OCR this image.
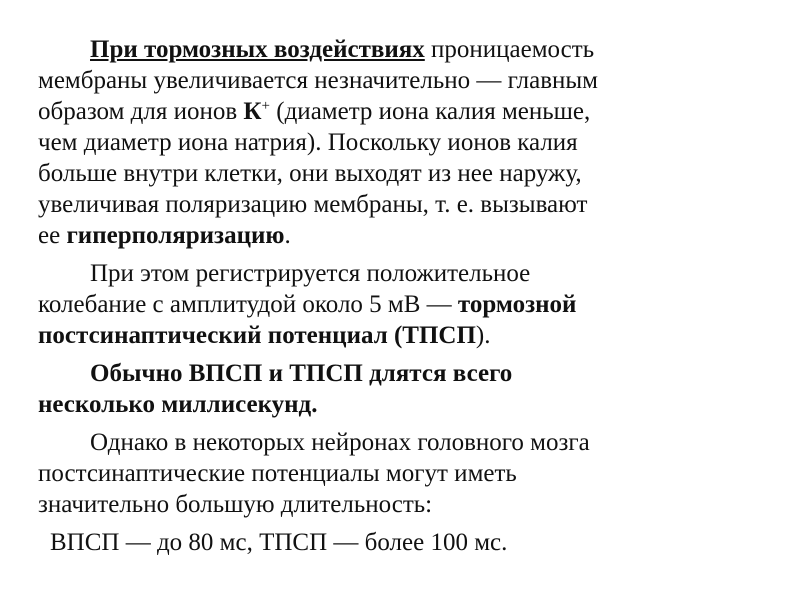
При тормозных воздействиях проницаемость
мембраны увеличивается незначительно — главным
образом для ионов К+ (диаметр иона калия меньше,
чем диаметр иона натрия). Поскольку ионов калия
больше внутри клетки, они выходят из нее наружу,
увеличивая поляризацию мембраны, т. е. вызывают
ее гиперполяризацию.
При этом регистрируется положительное
колебание с амплитудой около 5 мВ — тормозной
постсинаптический потенциал (ТПСП).
Обычно ВПСП и ТПСП длятся всего
несколько миллисекунд.
Однако в некоторых нейронах головного мозга
постсинаптические потенциалы могут иметь
значительно большую длительность:
ВПСП — до 80 мс, ТПСП — более 100 мс.
